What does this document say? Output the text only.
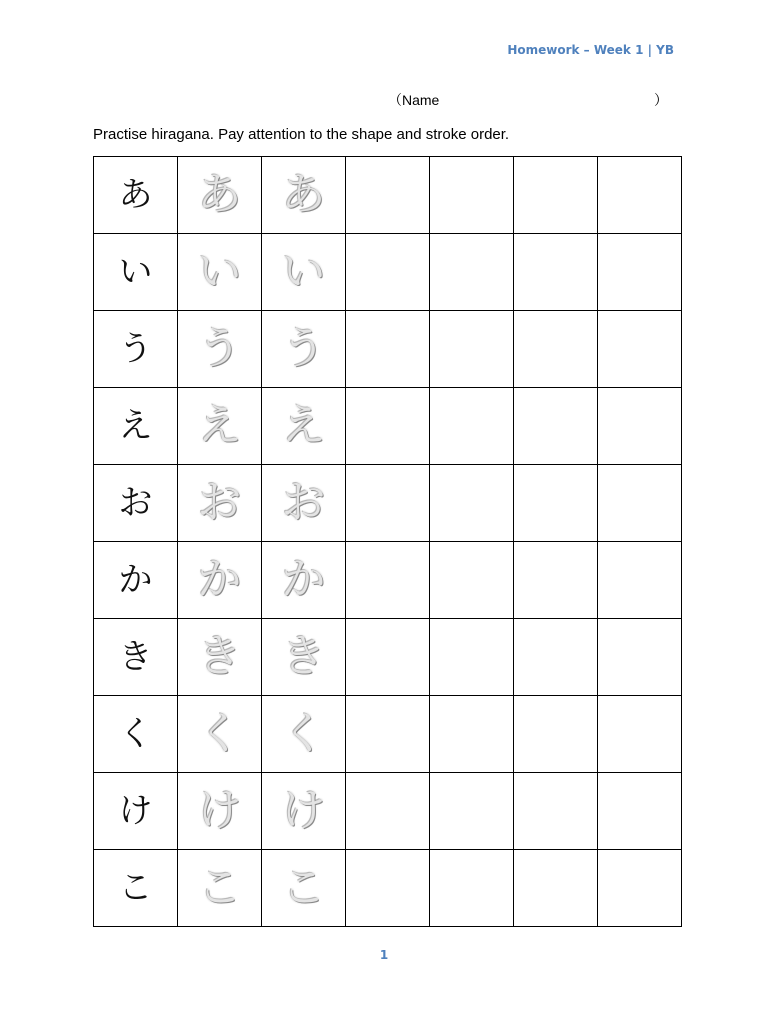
Homework – Week 1 | YB
（Name	）
Practise hiragana. Pay attention to the shape and stroke order.
あ	あ	あ				
い	い	い				
う	う	う				
え	え	え				
お	お	お				
か	か	か				
き	き	き				
く	く	く				
け	け	け				
こ	こ	こ				
1
